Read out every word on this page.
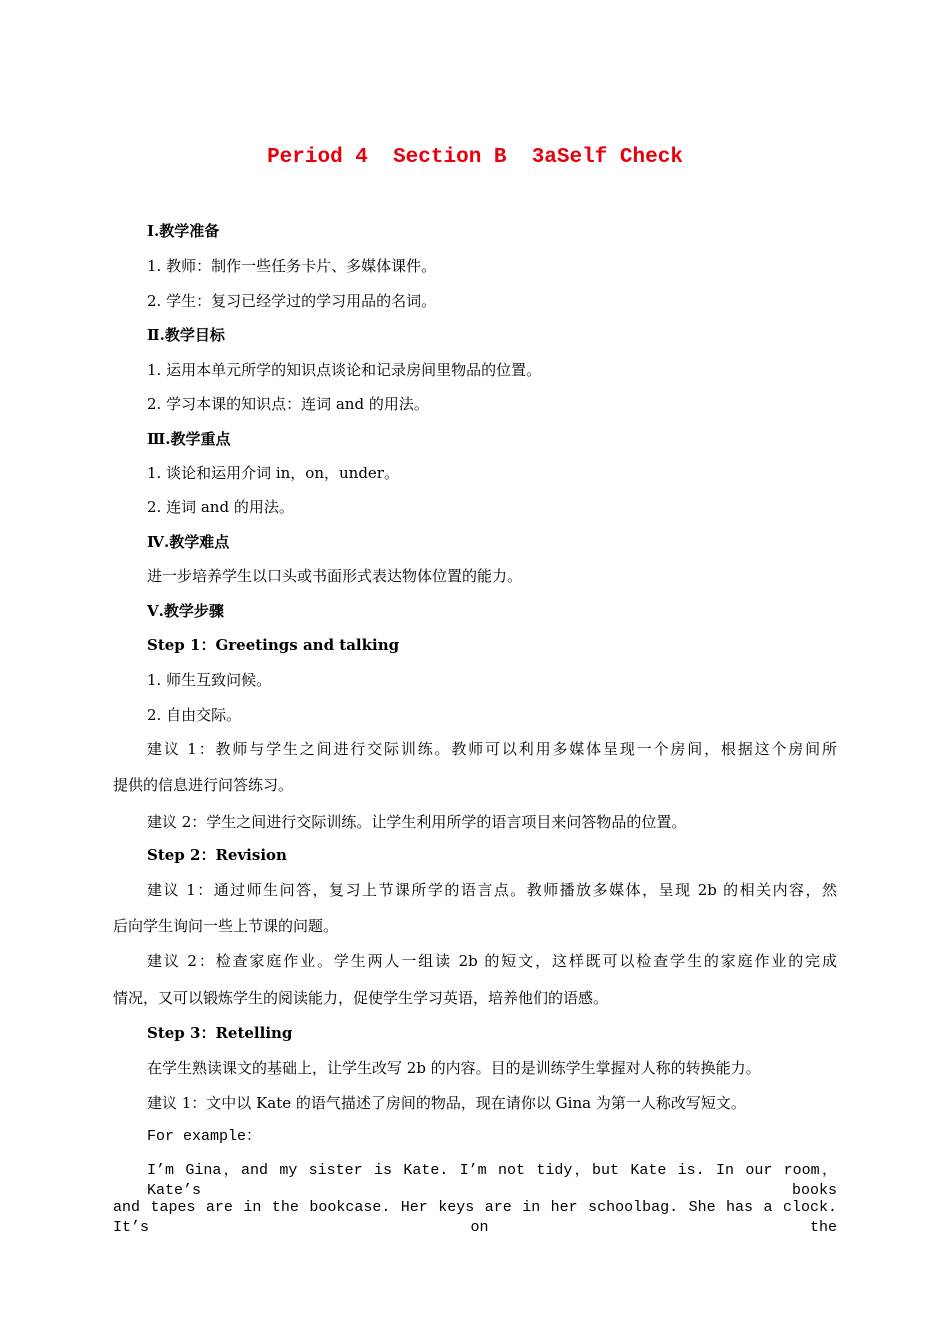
Period 4  Section B  3aSelf Check
Ⅰ.教学准备
1. 教师：制作一些任务卡片、多媒体课件。
2. 学生：复习已经学过的学习用品的名词。
Ⅱ.教学目标
1. 运用本单元所学的知识点谈论和记录房间里物品的位置。
2. 学习本课的知识点：连词 and 的用法。
Ⅲ.教学重点
1. 谈论和运用介词 in，on，under。
2. 连词 and 的用法。
Ⅳ.教学难点
进一步培养学生以口头或书面形式表达物体位置的能力。
Ⅴ.教学步骤
Step 1：Greetings and talking
1. 师生互致问候。
2. 自由交际。
建议 1：教师与学生之间进行交际训练。教师可以利用多媒体呈现一个房间，根据这个房间所
提供的信息进行问答练习。
建议 2：学生之间进行交际训练。让学生利用所学的语言项目来问答物品的位置。
Step 2：Revision
建议 1：通过师生问答，复习上节课所学的语言点。教师播放多媒体，呈现 2b 的相关内容，然
后向学生询问一些上节课的问题。
建议 2：检查家庭作业。学生两人一组读 2b 的短文，这样既可以检查学生的家庭作业的完成
情况，又可以锻炼学生的阅读能力，促使学生学习英语，培养他们的语感。
Step 3：Retelling
在学生熟读课文的基础上，让学生改写 2b 的内容。目的是训练学生掌握对人称的转换能力。
建议 1：文中以 Kate 的语气描述了房间的物品，现在请你以 Gina 为第一人称改写短文。
For example：
I’m Gina，and my sister is Kate. I’m not tidy，but Kate is. In our room，Kate’s books
and tapes are in the bookcase. Her keys are in her schoolbag. She has a clock. It’s on the
